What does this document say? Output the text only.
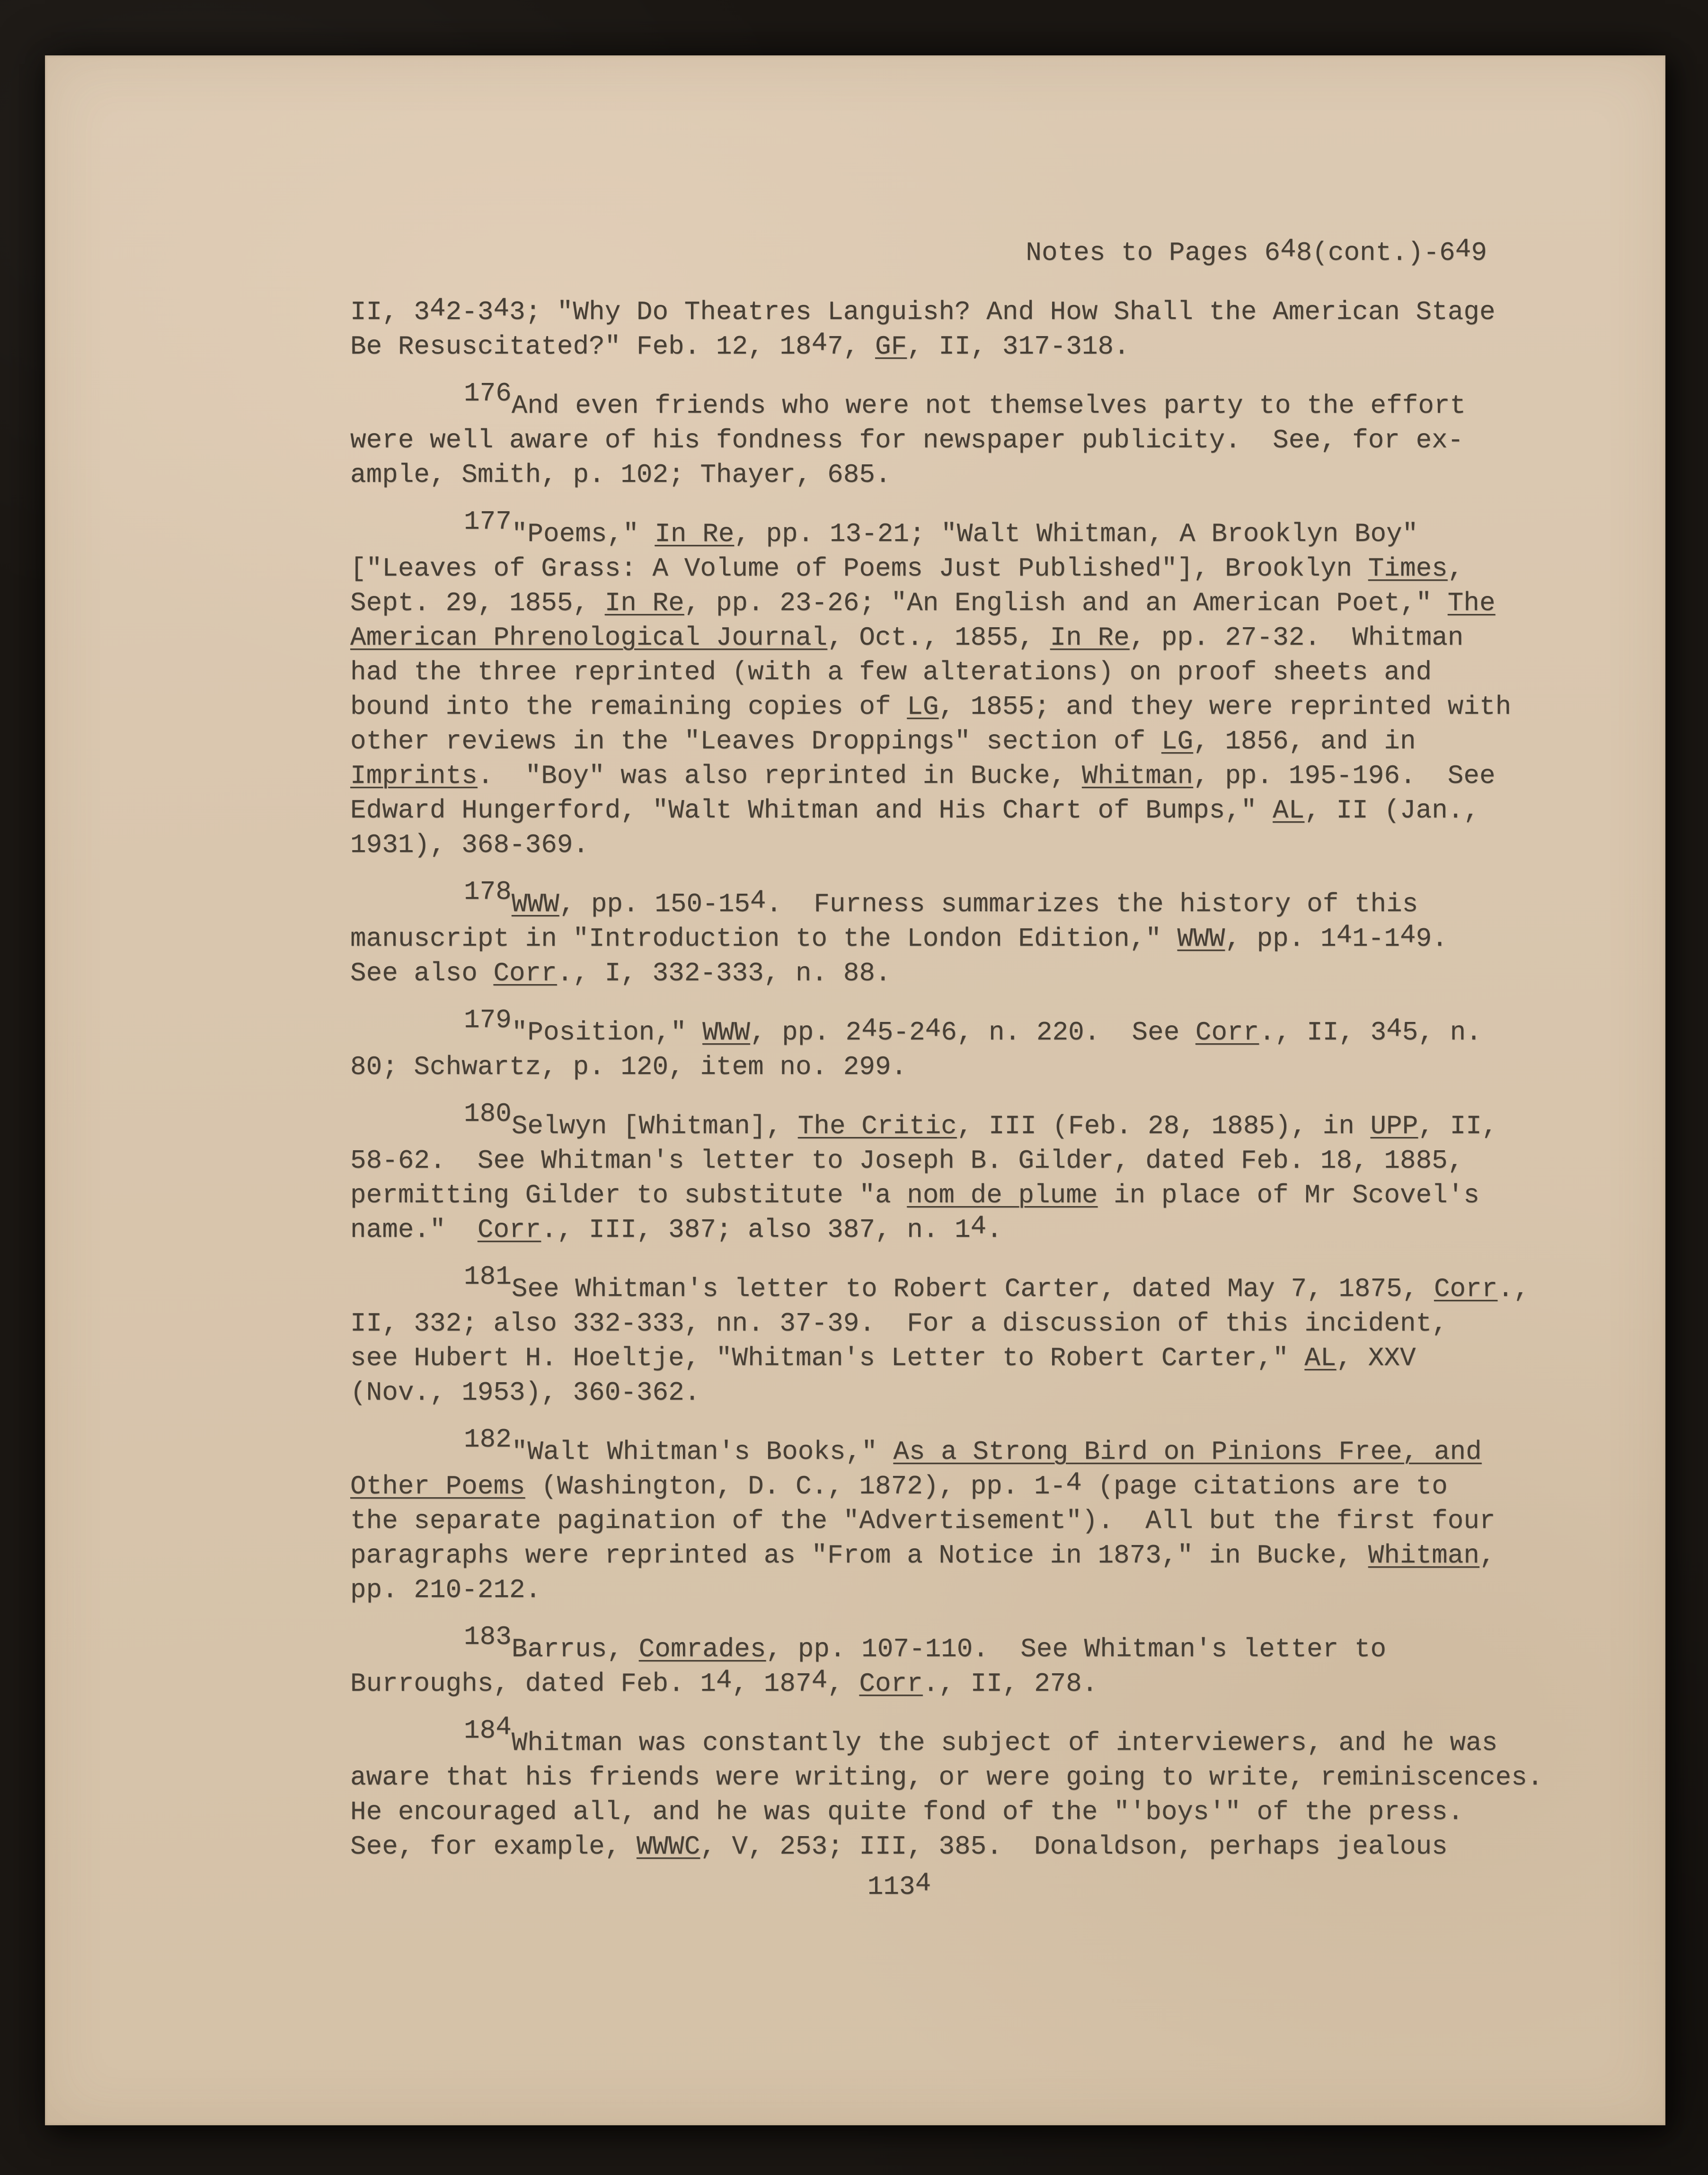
Notes to Pages 648(cont.)-649
II, 342-343; "Why Do Theatres Languish? And How Shall the American Stage
Be Resuscitated?" Feb. 12, 1847, GF, II, 317-318.
176And even friends who were not themselves party to the effort
were well aware of his fondness for newspaper publicity.  See, for ex-
ample, Smith, p. 102; Thayer, 685.
177"Poems," In Re, pp. 13-21; "Walt Whitman, A Brooklyn Boy"
["Leaves of Grass: A Volume of Poems Just Published"], Brooklyn Times,
Sept. 29, 1855, In Re, pp. 23-26; "An English and an American Poet," The
American Phrenological Journal, Oct., 1855, In Re, pp. 27-32.  Whitman
had the three reprinted (with a few alterations) on proof sheets and
bound into the remaining copies of LG, 1855; and they were reprinted with
other reviews in the "Leaves Droppings" section of LG, 1856, and in
Imprints.  "Boy" was also reprinted in Bucke, Whitman, pp. 195-196.  See
Edward Hungerford, "Walt Whitman and His Chart of Bumps," AL, II (Jan.,
1931), 368-369.
178WWW, pp. 150-154.  Furness summarizes the history of this
manuscript in "Introduction to the London Edition," WWW, pp. 141-149.
See also Corr., I, 332-333, n. 88.
179"Position," WWW, pp. 245-246, n. 220.  See Corr., II, 345, n.
80; Schwartz, p. 120, item no. 299.
180Selwyn [Whitman], The Critic, III (Feb. 28, 1885), in UPP, II,
58-62.  See Whitman's letter to Joseph B. Gilder, dated Feb. 18, 1885,
permitting Gilder to substitute "a nom de plume in place of Mr Scovel's
name."  Corr., III, 387; also 387, n. 14.
181See Whitman's letter to Robert Carter, dated May 7, 1875, Corr.,
II, 332; also 332-333, nn. 37-39.  For a discussion of this incident,
see Hubert H. Hoeltje, "Whitman's Letter to Robert Carter," AL, XXV
(Nov., 1953), 360-362.
182"Walt Whitman's Books," As a Strong Bird on Pinions Free, and
Other Poems (Washington, D. C., 1872), pp. 1-4 (page citations are to
the separate pagination of the "Advertisement").  All but the first four
paragraphs were reprinted as "From a Notice in 1873," in Bucke, Whitman,
pp. 210-212.
183Barrus, Comrades, pp. 107-110.  See Whitman's letter to
Burroughs, dated Feb. 14, 1874, Corr., II, 278.
184Whitman was constantly the subject of interviewers, and he was
aware that his friends were writing, or were going to write, reminiscences.
He encouraged all, and he was quite fond of the "'boys'" of the press.
See, for example, WWWC, V, 253; III, 385.  Donaldson, perhaps jealous
1134
